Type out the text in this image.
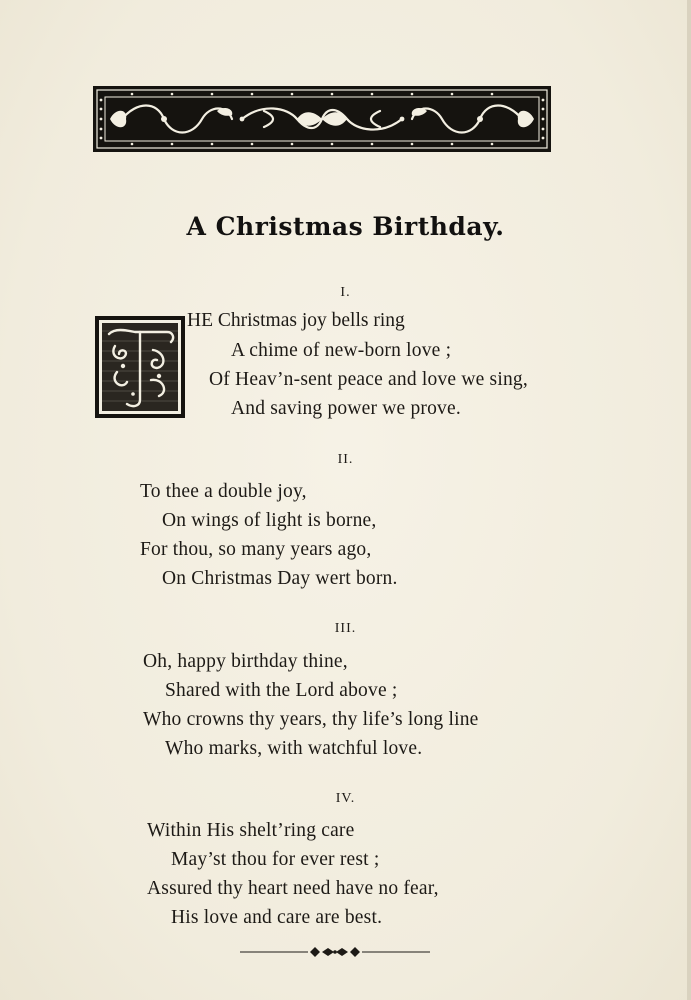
A Christmas Birthday.
I.
HE Christmas joy bells ring
A chime of new-born love ;
Of Heav’n-sent peace and love we sing,
And saving power we prove.
II.
To thee a double joy,
On wings of light is borne,
For thou, so many years ago,
On Christmas Day wert born.
III.
Oh, happy birthday thine,
Shared with the Lord above ;
Who crowns thy years, thy life’s long line
Who marks, with watchful love.
IV.
Within His shelt’ring care
May’st thou for ever rest ;
Assured thy heart need have no fear,
His love and care are best.
